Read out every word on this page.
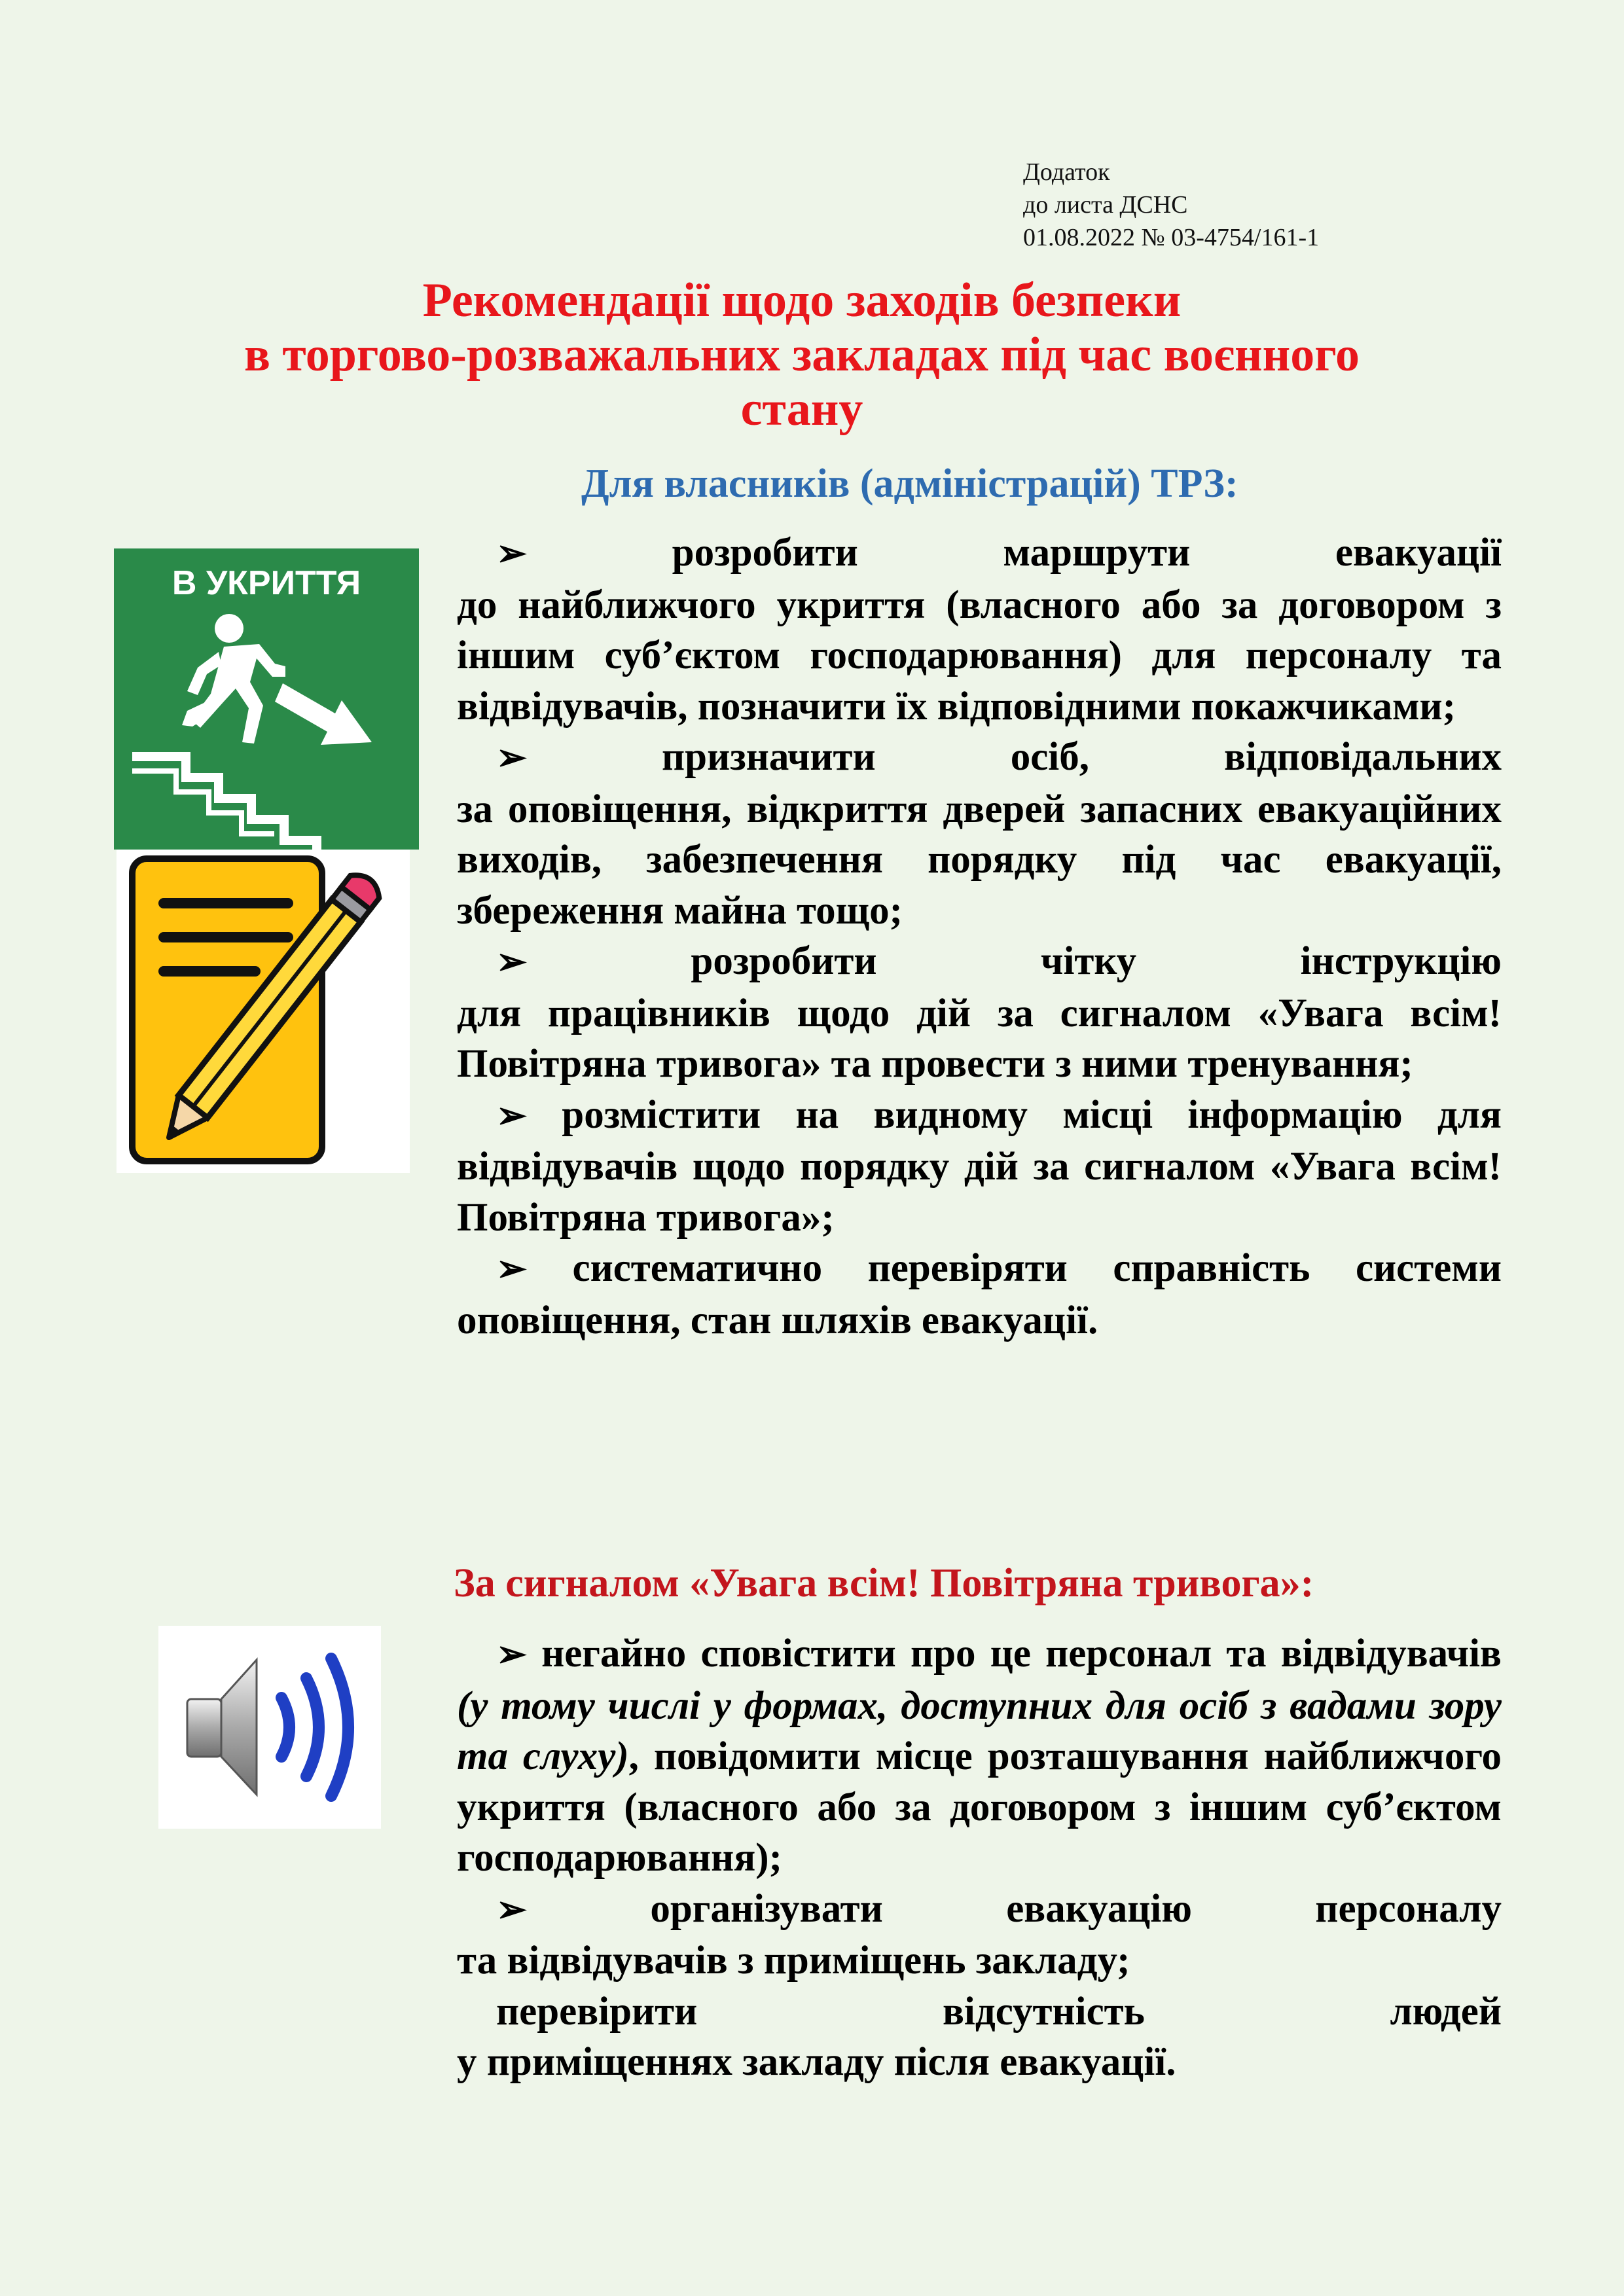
Додаток
до листа ДСНС
01.08.2022 № 03-4754/161-1
Рекомендації щодо заходів безпеки
в торгово-розважальних закладах під час воєнного
стану
Для власників (адміністрацій) ТРЗ:
В УКРИТТЯ

➢	розробити маршрути евакуації

до найближчого укриття (власного або за договором з іншим суб’єктом господарювання) для персоналу та відвідувачів, позначити їх відповідними покажчиками;

➢	призначити осіб, відповідальних

за оповіщення, відкриття дверей запасних евакуаційних виходів, забезпечення порядку під час евакуації, збереження майна тощо;

➢	розробити чітку інструкцію

для працівників щодо дій за сигналом «Увага всім! Повітряна тривога» та провести з ними тренування;

➢ розмістити на видному місці інформацію для відвідувачів щодо порядку дій за сигналом «Увага всім! Повітряна тривога»;

➢ систематично перевіряти справність системи оповіщення, стан шляхів евакуації.

За сигналом «Увага всім! Повітряна тривога»:

➢ негайно сповістити про це персонал та відвідувачів (у тому числі у формах, доступних для осіб з вадами зору та слуху), повідомити місце розташування найближчого укриття (власного або за договором з іншим суб’єктом господарювання);

➢	організувати евакуацію персоналу

та відвідувачів з приміщень закладу;

перевірити відсутність людей

у приміщеннях закладу після евакуації.
